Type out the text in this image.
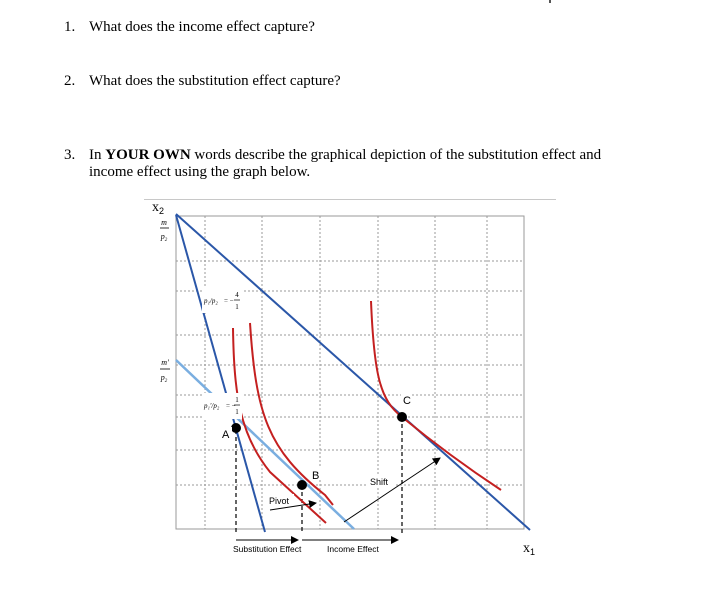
1. What does the income effect capture?
2. What does the substitution effect capture?
3. In YOUR OWN words describe the graphical depiction of the substitution effect and
income effect using the graph below.
A
B
C
Pivot
Shift
Substitution Effect	Income Effect
$x_2$
$x_1$
m
$p_2$
m'
$p_2$
p₁/p₂ = −
4
1
p₁'/p₂ = −
1
1
